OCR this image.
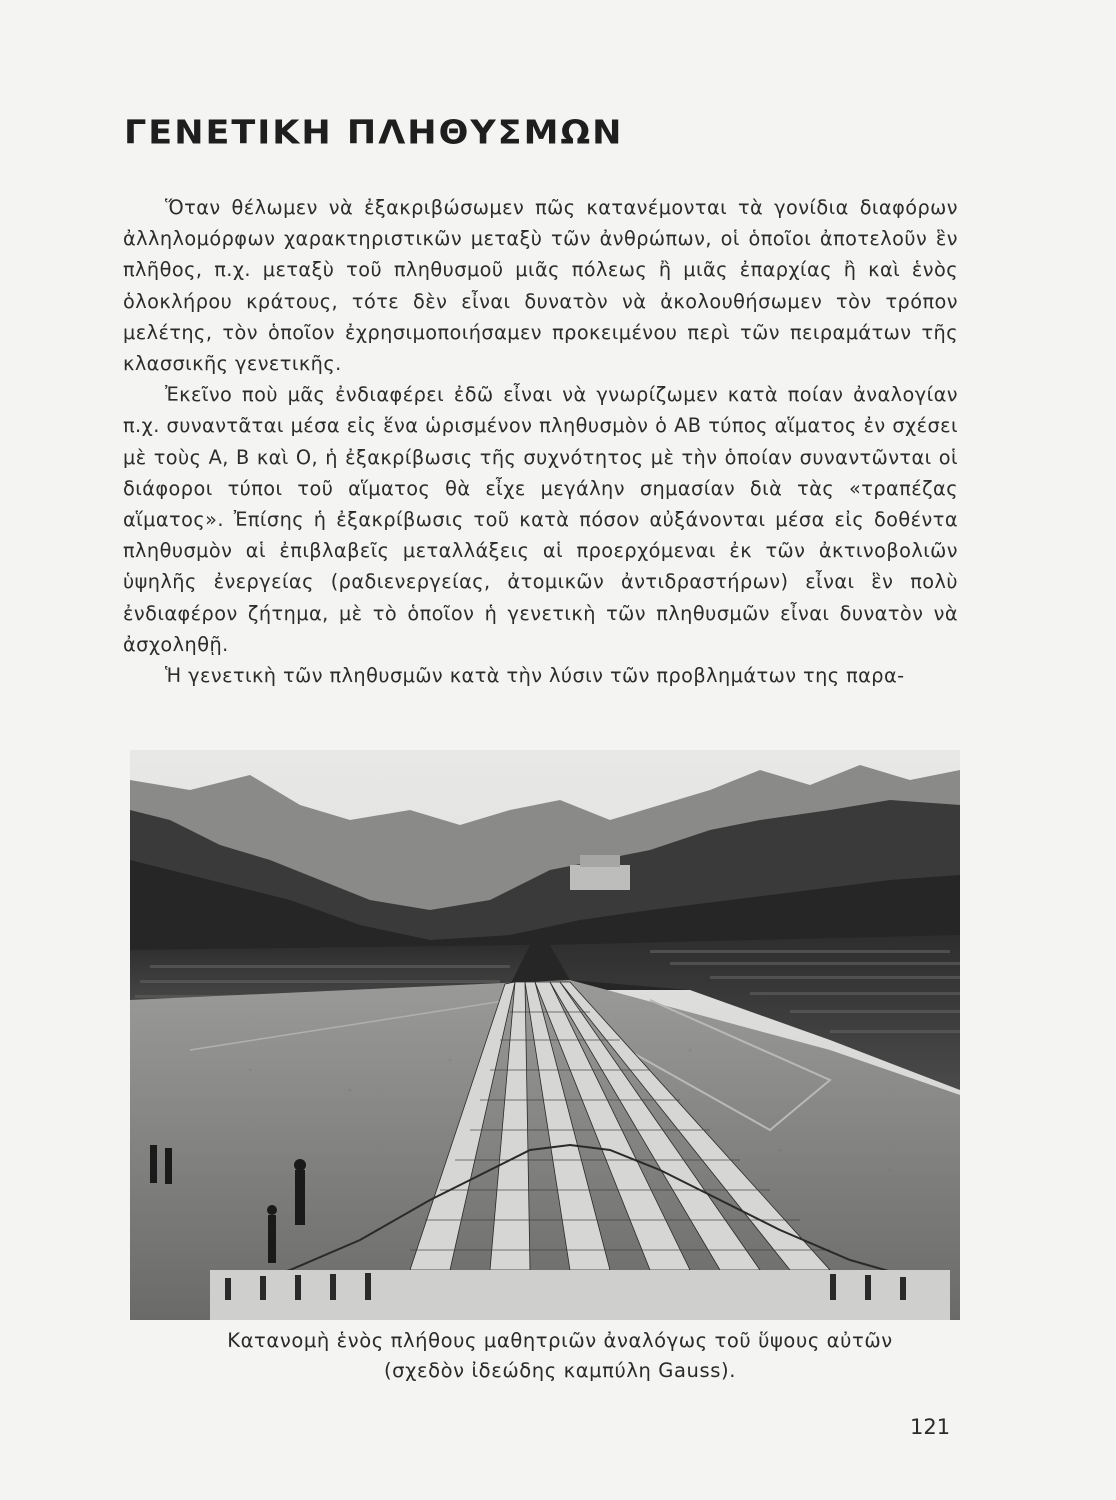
ΓΕΝΕΤΙΚΗ ΠΛΗΘΥΣΜΩΝ

Ὅταν θέλωμεν νὰ ἐξακριβώσωμεν πῶς κατανέμονται τὰ γονίδια διαφόρων ἀλληλομόρφων χαρακτηριστικῶν μεταξὺ τῶν ἀνθρώπων, οἱ ὁποῖοι ἀποτελοῦν ἓν πλῆθος, π.χ. μεταξὺ τοῦ πληθυσμοῦ μιᾶς πόλεως ἢ μιᾶς ἐπαρχίας ἢ καὶ ἑνὸς ὁλοκλήρου κράτους, τότε δὲν εἶναι δυνατὸν νὰ ἀκολουθήσωμεν τὸν τρόπον μελέτης, τὸν ὁποῖον ἐχρησιμοποιήσαμεν προκειμένου περὶ τῶν πειραμάτων τῆς κλασσικῆς γενετικῆς.

Ἐκεῖνο ποὺ μᾶς ἐνδιαφέρει ἐδῶ εἶναι νὰ γνωρίζωμεν κατὰ ποίαν ἀναλογίαν π.χ. συναντᾶται μέσα εἰς ἕνα ὡρισμένον πληθυσμὸν ὁ ΑΒ τύπος αἵματος ἐν σχέσει μὲ τοὺς Α, Β καὶ Ο, ἡ ἐξακρίβωσις τῆς συχνότητος μὲ τὴν ὁποίαν συναντῶνται οἱ διάφοροι τύποι τοῦ αἵματος θὰ εἶχε μεγάλην σημασίαν διὰ τὰς «τραπέζας αἵματος». Ἐπίσης ἡ ἐξακρίβωσις τοῦ κατὰ πόσον αὐξάνονται μέσα εἰς δοθέντα πληθυσμὸν αἱ ἐπιβλαβεῖς μεταλλάξεις αἱ προερχόμεναι ἐκ τῶν ἀκτινοβολιῶν ὑψηλῆς ἐνεργείας (ραδιενεργείας, ἀτομικῶν ἀντιδραστήρων) εἶναι ἓν πολὺ ἐνδιαφέρον ζήτημα, μὲ τὸ ὁποῖον ἡ γενετικὴ τῶν πληθυσμῶν εἶναι δυνατὸν νὰ ἀσχοληθῇ.

Ἡ γενετικὴ τῶν πληθυσμῶν κατὰ τὴν λύσιν τῶν προβλημάτων της παρα-

Κατανομὴ ἑνὸς πλήθους μαθητριῶν ἀναλόγως τοῦ ὕψους αὐτῶν
(σχεδὸν ἰδεώδης καμπύλη Gauss).
121
